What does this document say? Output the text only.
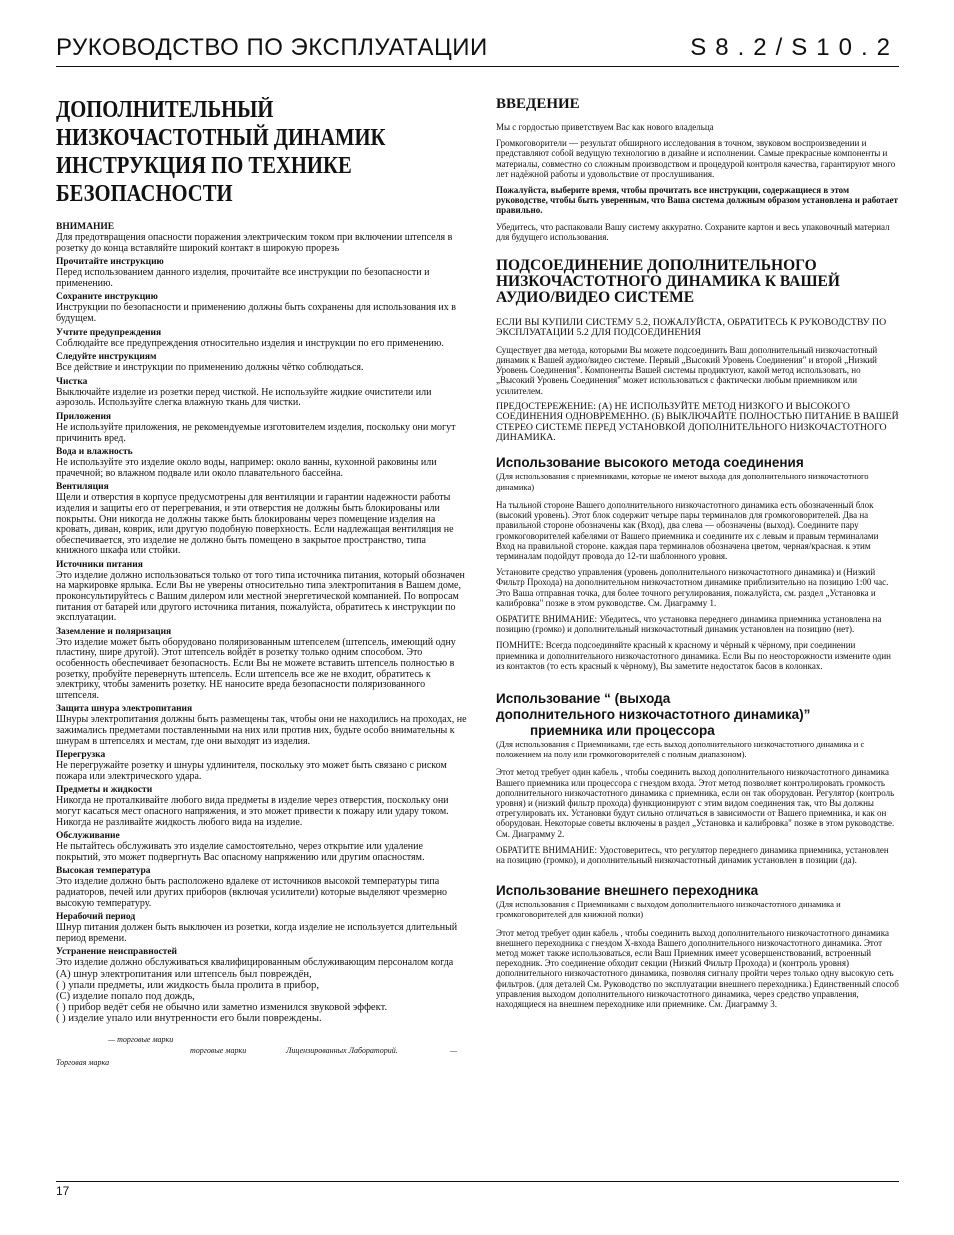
РУКОВОДСТВО ПО ЭКСПЛУАТАЦИИ	S8.2/S10.2
ДОПОЛНИТЕЛЬНЫЙ
НИЗКОЧАСТОТНЫЙ ДИНАМИК
ИНСТРУКЦИЯ ПО ТЕХНИКЕ
БЕЗОПАСНОСТИ
ВНИМАНИЕ

Для предотвращения опасности поражения электрическим током при включении штепселя в розетку до конца вставляйте широкий контакт в широкую прорезь

Прочитайте инструкцию

Перед использованием данного изделия, прочитайте все инструкции по безопасности и применению.

Сохраните инструкцию

Инструкции по безопасности и применению должны быть сохранены для использования их в будущем.

Учтите предупреждения

Соблюдайте все предупреждения относительно изделия и инструкции по его применению.

Следуйте инструкциям

Все действие и инструкции по применению должны чётко соблюдаться.

Чистка

Выключайте изделие из розетки перед чисткой. Не используйте жидкие очистители или аэрозоль. Используйте слегка влажную ткань для чистки.

Приложения

Не используйте приложения, не рекомендуемые изготовителем изделия, поскольку они могут причинить вред.

Вода и влажность

Не используйте это изделие около воды, например: около ванны, кухонной раковины или прачечной; во влажном подвале или около плавательного бассейна.

Вентиляция

Щели и отверстия в корпусе предусмотрены для вентиляции и гарантии надежности работы изделия и защиты его от перегревания, и эти отверстия не должны быть блокированы или покрыты. Они никогда не должны также быть блокированы через помещение изделия на кровать, диван, коврик, или другую подобную поверхность. Если надлежащая вентиляция не обеспечивается, это изделие не должно быть помещено в закрытое пространство, типа книжного шкафа или стойки.

Источники питания

Это изделие должно использоваться только от того типа источника питания, который обозначен на маркировке ярлыка. Если Вы не уверены относительно типа электропитания в Вашем доме, проконсультируйтесь с Вашим дилером или местной энергетической компанией. По вопросам питания от батарей или другого источника питания, пожалуйста, обратитесь к инструкции по эксплуатации.

Заземление и поляризация

Это изделие может быть оборудовано поляризованным штепселем (штепсель, имеющий одну пластину, шире другой). Этот штепсель войдёт в розетку только одним способом. Это особенность обеспечивает безопасность. Если Вы не можете вставить штепсель полностью в розетку, пробуйте перевернуть штепсель. Если штепсель все же не входит, обратитесь к электрику, чтобы заменить розетку. НЕ наносите вреда безопасности поляризованного штепселя.

Защита шнура электропитания

Шнуры электропитания должны быть размещены так, чтобы они не находились на проходах, не зажимались предметами поставленными на них или против них, будьте особо внимательны к шнурам в штепселях и местам, где они выходят из изделия.

Перегрузка

Не перегружайте розетку и шнуры удлинителя, поскольку это может быть связано с риском пожара или электрического удара.

Предметы и жидкости

Никогда не проталкивайте любого вида предметы в изделие через отверстия, поскольку они могут касаться мест опасного напряжения, и это может привести к пожару или удару током. Никогда не разливайте жидкость любого вида на изделие.

Обслуживание

Не пытайтесь обслуживать это изделие самостоятельно, через открытие или удаление покрытий, это может подвергнуть Вас опасному напряжению или другим опасностям.

Высокая температура

Это изделие должно быть расположено вдалеке от источников высокой температуры типа радиаторов, печей или других приборов (включая усилители) которые выделяют чрезмерно высокую температуру.

Нерабочий период

Шнур питания должен быть выключен из розетки, когда изделие не используется длительный период времени.

Устранение неисправностей

Это изделие должно обслуживаться квалифицированным обслуживающим персоналом когда

(A) шнур электропитания или штепсель был повреждён,
( ) упали предметы, или жидкость была пролита в прибор,
(С) изделие попало под дождь,
( ) прибор ведёт себя не обычно или заметно изменился звуковой эффект.
( ) изделие упало или внутренности его были повреждены.
— торговые марки
торговые марки	Лицензированных Лабораторий.	—
Торговая марка
ВВЕДЕНИЕ

Мы с гордостью приветствуем Вас как нового владельца

Громкоговорители — результат обширного исследования в точном, звуковом воспроизведении и представляют собой ведущую технологию в дизайне и исполнении. Самые прекрасные компоненты и материалы, совместно со сложным производством и процедурой контроля качества, гарантируют много лет надёжной работы и удовольствие от прослушивания.

Пожалуйста, выберите время, чтобы прочитать все инструкции, содержащиеся в этом руководстве, чтобы быть уверенным, что Ваша система должным образом установлена и работает правильно.

Убедитесь, что распаковали Вашу систему аккуратно. Сохраните картон и весь упаковочный материал для будущего использования.

ПОДСОЕДИНЕНИЕ ДОПОЛНИТЕЛЬНОГО НИЗКОЧАСТОТНОГО ДИНАМИКА К ВАШЕЙ АУДИО/ВИДЕО СИСТЕМЕ

ЕСЛИ ВЫ КУПИЛИ СИСТЕМУ 5.2, ПОЖАЛУЙСТА, ОБРАТИТЕСЬ К РУКОВОДСТВУ ПО ЭКСПЛУАТАЦИИ 5.2 ДЛЯ ПОДСОЕДИНЕНИЯ

Существует два метода, которыми Вы можете подсоединить Ваш дополнительный низкочастотный динамик к Вашей аудио/видео системе. Первый „Высокий Уровень Соединения" и второй „Низкий Уровень Соединения". Компоненты Вашей системы продиктуют, какой метод использовать, но „Высокий Уровень Соединения" может использоваться с фактически любым приемником или усилителем.

ПРЕДОСТЕРЕЖЕНИЕ: (А) НЕ ИСПОЛЬЗУЙТЕ МЕТОД НИЗКОГО И ВЫСОКОГО СОЕДИНЕНИЯ ОДНОВРЕМЕННО. (Б) ВЫКЛЮЧАЙТЕ ПОЛНОСТЬЮ ПИТАНИЕ В ВАШЕЙ СТЕРЕО СИСТЕМЕ ПЕРЕД УСТАНОВКОЙ ДОПОЛНИТЕЛЬНОГО НИЗКОЧАСТОТНОГО ДИНАМИКА.

Использование высокого метода соединения

(Для использования с приемниками, которые не имеют выхода для дополнительного низкочастотного динамика)

На тыльной стороне Вашего дополнительного низкочастотного динамика есть обозначенный блок (высокий уровень). Этот блок содержит четыре пары терминалов для громкоговорителей. Два на правильной стороне обозначены как (Вход), два слева — обозначены (выход). Соедините пару громкоговорителей кабелями от Вашего приемника и соедините их с левым и правым терминалами Вход на правильной стороне. каждая пара терминалов обозначена цветом, черная/красная. к этим терминалам подойдут провода до 12-ти шаблонного уровня.

Установите средство управления (уровень дополнительного низкочастотного динамика) и (Низкий Фильтр Прохода) на дополнительном низкочастотном динамике приблизительно на позицию 1:00 час. Это Ваша отправная точка, для более точного регулирования, пожалуйста, см. раздел „Установка и калибровка" позже в этом руководстве. См. Диаграмму 1.

ОБРАТИТЕ ВНИМАНИЕ: Убедитесь, что установка переднего динамика приемника установлена на позицию (громко) и дополнительный низкочастотный динамик установлен на позицию (нет).

ПОМНИТЕ: Всегда подсоединяйте красный к красному и чёрный к чёрному, при соединении приемника и дополнительного низкочастотного динамика. Если Вы по неосторожности измените один из контактов (то есть красный к чёрному), Вы заметите недостаток басов в колонках.

Использование “ (выхода
дополнительного низкочастотного динамика)”
приемника или процессора

(Для использования с Приемниками, где есть выход дополнительного низкочастотного динамика и с положением на полу или громкоговорителей с полным диапазоном).

Этот метод требует один кабель , чтобы соединить выход дополнительного низкочастотного динамика Вашего приемника или процессора с гнездом входа. Этот метод позволяет контролировать громкость дополнительного низкочастотного динамика с приемника, если он так оборудован. Регулятор (контроль уровня) и (низкий фильтр прохода) функционируют с этим видом соединения так, что Вы должны отрегулировать их. Установки будут сильно отличаться в зависимости от Вашего приемника, и как он оборудован. Некоторые советы включены в раздел „Установка и калибровка" позже в этом руководстве. См. Диаграмму 2.

ОБРАТИТЕ ВНИМАНИЕ: Удостоверитесь, что регулятор переднего динамика приемника, установлен на позицию (громко), и дополнительный низкочастотный динамик установлен в позиции (да).

Использование внешнего переходника

(Для использования с Приемниками с выходом дополнительного низкочастотного динамика и громкоговорителей для книжной полки)

Этот метод требует один кабель , чтобы соединить выход дополнительного низкочастотного динамика внешнего переходника с гнездом X-входа Вашего дополнительного низкочастотного динамика. Этот метод может также использоваться, если Ваш Приемник имеет усовершенствований, встроенный переходник. Это соединение обходит секции (Низкий Фильтр Прохода) и (контроль уровня) дополнительного низкочастотного динамика, позволяя сигналу пройти через только одну высокую сеть фильтров. (для деталей См. Руководство по эксплуатации внешнего переходника.) Единственный способ управления выходом дополнительного низкочастотного динамика, через средство управления, находящиеся на внешнем переходнике или приемнике. См. Диаграмму 3.

17
